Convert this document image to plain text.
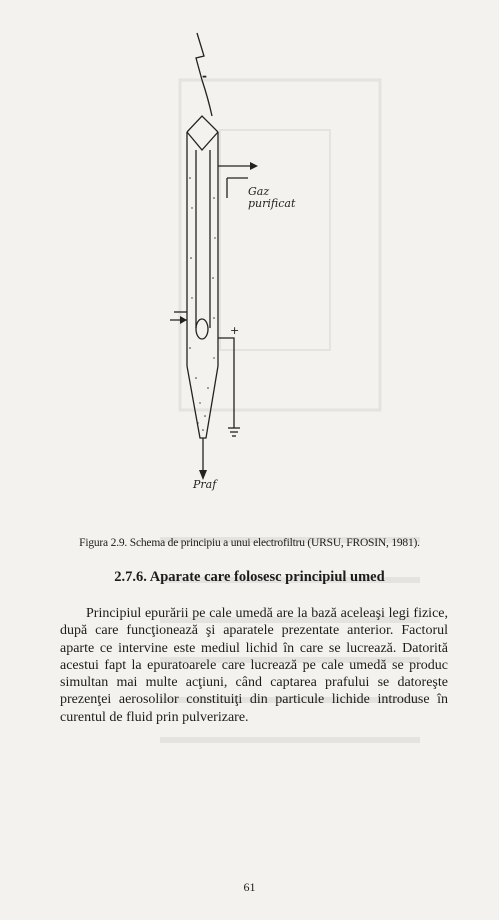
+
-
Gaz
purificat
Praf
Figura 2.9. Schema de principiu a unui electrofiltru (URSU, FROSIN, 1981).
2.7.6. Aparate care folosesc principiul umed

Principiul epurării pe cale umedă are la bază aceleaşi legi fizice, după care funcţionează şi aparatele prezentate anterior. Factorul aparte ce intervine este mediul lichid în care se lucrează. Datorită acestui fapt la epuratoarele care lucrează pe cale umedă se produc simultan mai multe acţiuni, când captarea prafului se datoreşte prezenţei aerosolilor constituiţi din particule lichide introduse în curentul de fluid prin pulverizare.

61
